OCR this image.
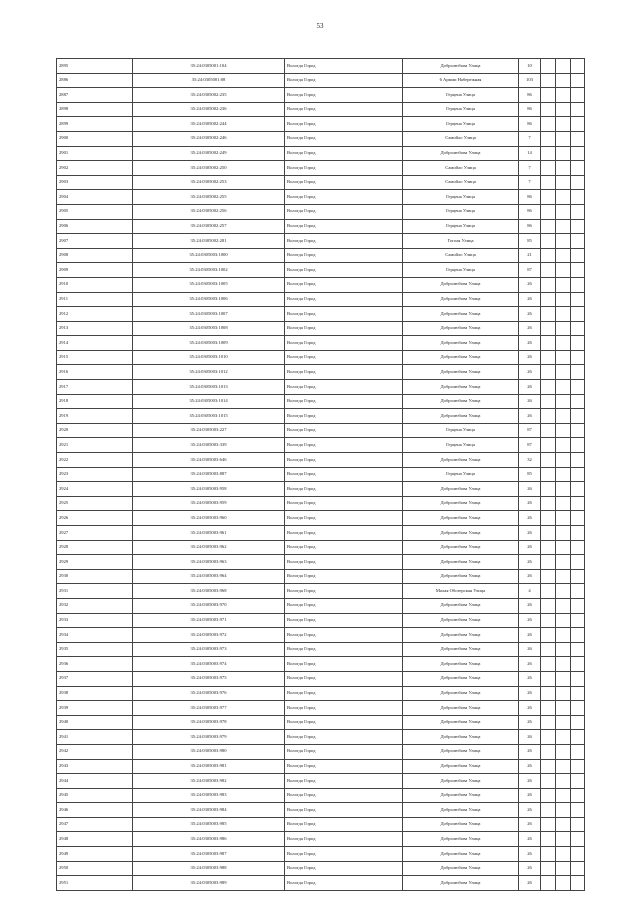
53
2895	35:24:0305001:104	Вологда Город	Добролюбова Улица	10			
2886	35:24:0305001:08	Вологда Город	6 Армии Набережная	103			
2887	35:24:0305002:235	Вологда Город	Герцена Улица	86			
2898	35:24:0305002:236	Вологда Город	Герцена Улица	86			
2899	35:24:0305002:244	Вологда Город	Герцена Улица	86			
2900	35:24:0305002:246	Вологда Город	Самойло Улица	7			
2901	35:24:0305002:249	Вологда Город	Добролюбова Улица	14			
2902	35:24:0305002:250	Вологда Город	Самойло Улица	7			
2903	35:24:0305002:253	Вологда Город	Самойло Улица	7			
2904	35:24:0305002:255	Вологда Город	Герцена Улица	86			
2905	35:24:0305002:256	Вологда Город	Герцена Улица	86			
2906	35:24:0305002:257	Вологда Город	Герцена Улица	86			
2907	35:24:0305002:281	Вологда Город	Гоголя Улица	85			
2908	35:24:0305003:1000	Вологда Город	Самойло Улица	21			
2909	35:24:0305003:1002	Вологда Город	Герцена Улица	87			
2910	35:24:0305003:1005	Вологда Город	Добролюбова Улица	26			
2911	35:24:0305003:1006	Вологда Город	Добролюбова Улица	26			
2912	35:24:0305003:1007	Вологда Город	Добролюбова Улица	26			
2913	35:24:0305003:1008	Вологда Город	Добролюбова Улица	26			
2914	35:24:0305003:1009	Вологда Город	Добролюбова Улица	26			
2915	35:24:0305003:1010	Вологда Город	Добролюбова Улица	26			
2916	35:24:0305003:1012	Вологда Город	Добролюбова Улица	26			
2917	35:24:0305003:1013	Вологда Город	Добролюбова Улица	26			
2918	35:24:0305003:1014	Вологда Город	Добролюбова Улица	26			
2919	35:24:0305003:1015	Вологда Город	Добролюбова Улица	26			
2920	35:24:0305003:227	Вологда Город	Герцена Улица	87			
2921	35:24:0305003:339	Вологда Город	Герцена Улица	87			
2922	35:24:0305003:646	Вологда Город	Добролюбова Улица	32			
2923	35:24:0305003:887	Вологда Город	Герцена Улица	85			
2924	35:24:0305003:958	Вологда Город	Добролюбова Улица	26			
2925	35:24:0305003:959	Вологда Город	Добролюбова Улица	26			
2926	35:24:0305003:960	Вологда Город	Добролюбова Улица	26			
2927	35:24:0305003:961	Вологда Город	Добролюбова Улица	26			
2928	35:24:0305003:962	Вологда Город	Добролюбова Улица	26			
2929	35:24:0305003:963	Вологда Город	Добролюбова Улица	26			
2930	35:24:0305003:964	Вологда Город	Добролюбова Улица	26			
2931	35:24:0305003:968	Вологда Город	Малая Обозерская Улица	4			
2932	35:24:0305003:970	Вологда Город	Добролюбова Улица	26			
2933	35:24:0305003:971	Вологда Город	Добролюбова Улица	26			
2934	35:24:0305003:972	Вологда Город	Добролюбова Улица	26			
2935	35:24:0305003:973	Вологда Город	Добролюбова Улица	26			
2936	35:24:0305003:974	Вологда Город	Добролюбова Улица	26			
2937	35:24:0305003:975	Вологда Город	Добролюбова Улица	26			
2938	35:24:0305003:976	Вологда Город	Добролюбова Улица	26			
2939	35:24:0305003:977	Вологда Город	Добролюбова Улица	26			
2940	35:24:0305003:978	Вологда Город	Добролюбова Улица	26			
2941	35:24:0305003:979	Вологда Город	Добролюбова Улица	26			
2942	35:24:0305003:980	Вологда Город	Добролюбова Улица	26			
2943	35:24:0305003:981	Вологда Город	Добролюбова Улица	26			
2944	35:24:0305003:982	Вологда Город	Добролюбова Улица	26			
2945	35:24:0305003:983	Вологда Город	Добролюбова Улица	26			
2946	35:24:0305003:984	Вологда Город	Добролюбова Улица	26			
2947	35:24:0305003:985	Вологда Город	Добролюбова Улица	26			
2948	35:24:0305003:986	Вологда Город	Добролюбова Улица	26			
2949	35:24:0305003:987	Вологда Город	Добролюбова Улица	26			
2950	35:24:0305003:988	Вологда Город	Добролюбова Улица	26			
2951	35:24:0305003:989	Вологда Город	Добролюбова Улица	26			
